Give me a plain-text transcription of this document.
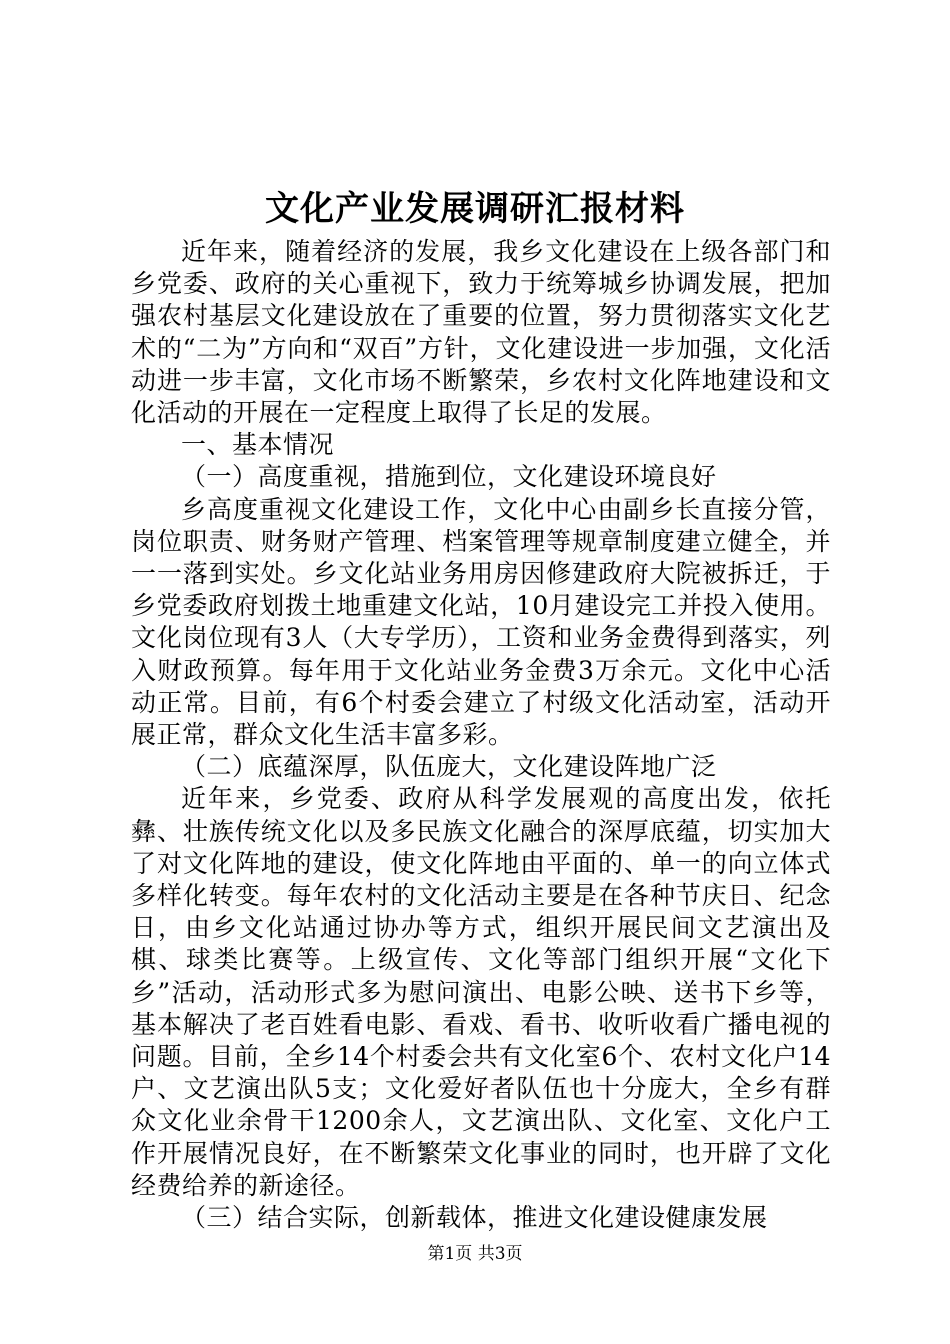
文化产业发展调研汇报材料

近年来，随着经济的发展，我乡文化建设在上级各部门和乡党委、政府的关心重视下，致力于统筹城乡协调发展，把加强农村基层文化建设放在了重要的位置，努力贯彻落实文化艺术的“二为”方向和“双百”方针，文化建设进一步加强，文化活动进一步丰富，文化市场不断繁荣，乡农村文化阵地建设和文化活动的开展在一定程度上取得了长足的发展。

一、基本情况

（一）高度重视，措施到位，文化建设环境良好

乡高度重视文化建设工作，文化中心由副乡长直接分管，岗位职责、财务财产管理、档案管理等规章制度建立健全，并一一落到实处。乡文化站业务用房因修建政府大院被拆迁，于乡党委政府划拨土地重建文化站，10月建设完工并投入使用。文化岗位现有3人（大专学历），工资和业务金费得到落实，列入财政预算。每年用于文化站业务金费3万余元。文化中心活动正常。目前，有6个村委会建立了村级文化活动室，活动开展正常，群众文化生活丰富多彩。

（二）底蕴深厚，队伍庞大，文化建设阵地广泛

近年来，乡党委、政府从科学发展观的高度出发，依托彝、壮族传统文化以及多民族文化融合的深厚底蕴，切实加大了对文化阵地的建设，使文化阵地由平面的、单一的向立体式多样化转变。每年农村的文化活动主要是在各种节庆日、纪念日，由乡文化站通过协办等方式，组织开展民间文艺演出及棋、球类比赛等。上级宣传、文化等部门组织开展“文化下乡”活动，活动形式多为慰问演出、电影公映、送书下乡等，基本解决了老百姓看电影、看戏、看书、收听收看广播电视的问题。目前，全乡14个村委会共有文化室6个、农村文化户14户、文艺演出队5支；文化爱好者队伍也十分庞大，全乡有群众文化业余骨干1200余人，文艺演出队、文化室、文化户工作开展情况良好，在不断繁荣文化事业的同时，也开辟了文化经费给养的新途径。

（三）结合实际，创新载体，推进文化建设健康发展

第1页 共3页
